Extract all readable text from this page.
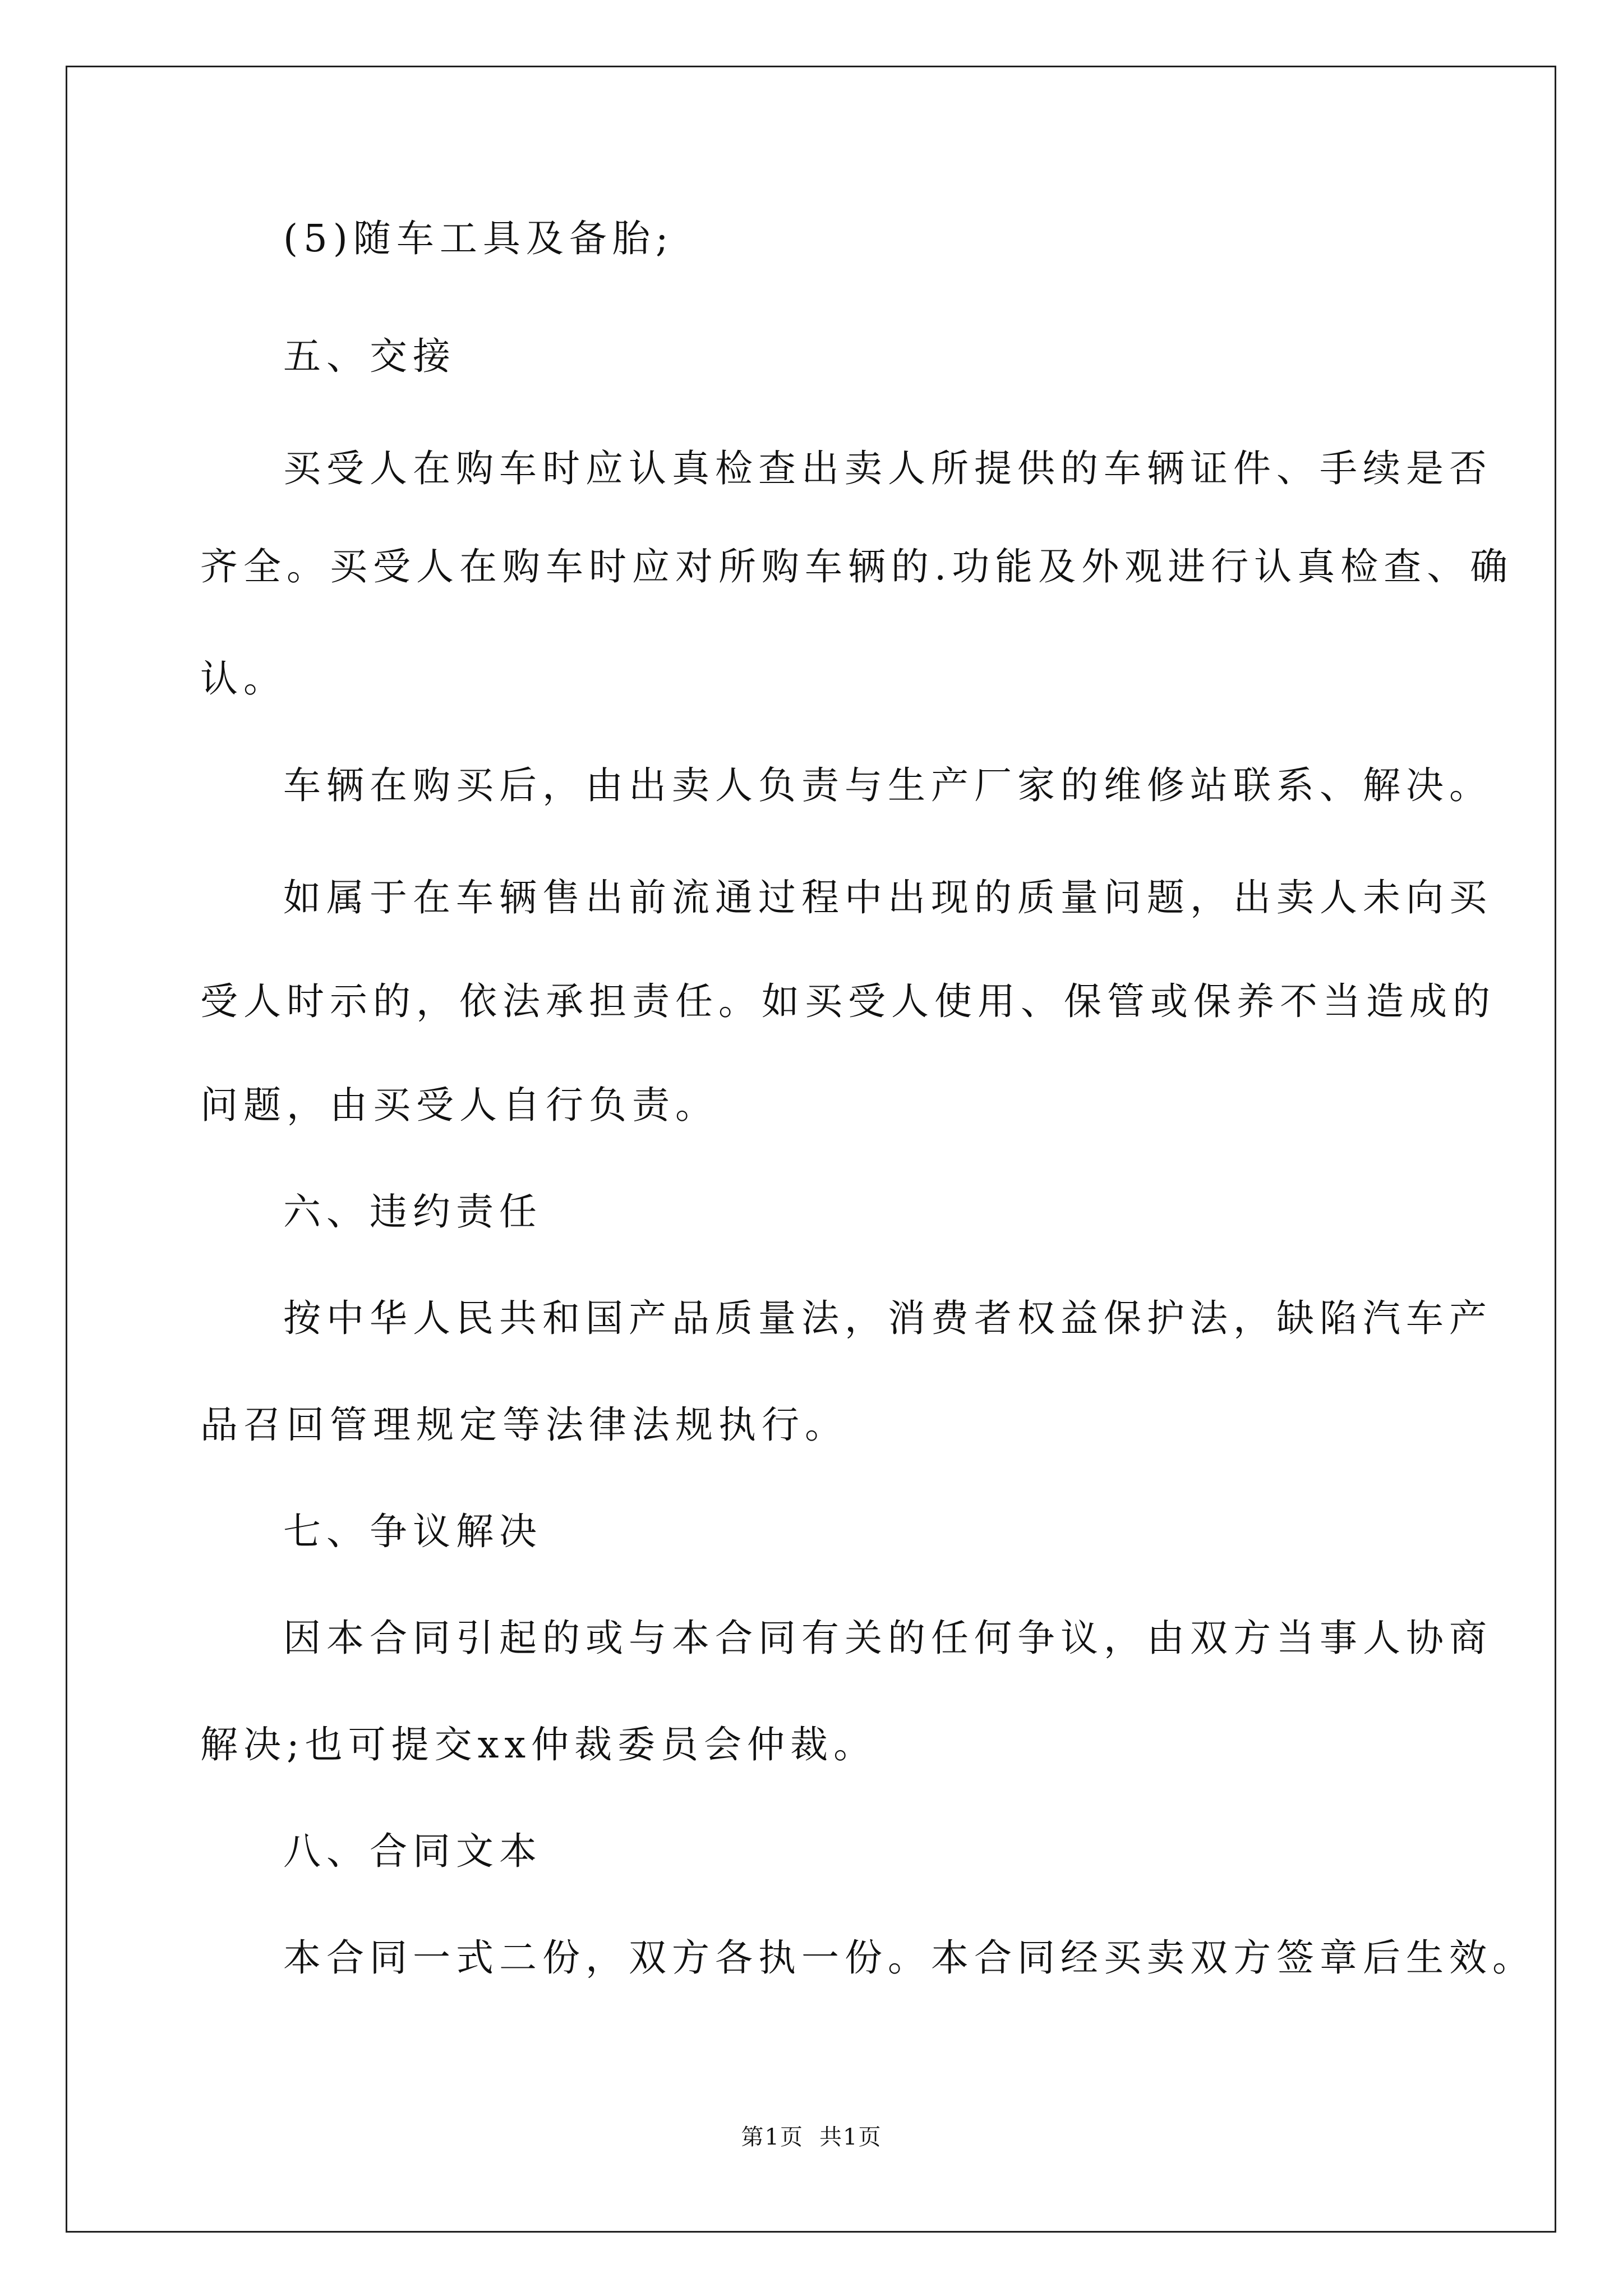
(5)随车工具及备胎;
五、交接
买受人在购车时应认真检查出卖人所提供的车辆证件、手续是否
齐全。买受人在购车时应对所购车辆的.功能及外观进行认真检查、确
认。
车辆在购买后，由出卖人负责与生产厂家的维修站联系、解决。
如属于在车辆售出前流通过程中出现的质量问题，出卖人未向买
受人时示的，依法承担责任。如买受人使用、保管或保养不当造成的
问题，由买受人自行负责。
六、违约责任
按中华人民共和国产品质量法，消费者权益保护法，缺陷汽车产
品召回管理规定等法律法规执行。
七、争议解决
因本合同引起的或与本合同有关的任何争议，由双方当事人协商
解决;也可提交xx仲裁委员会仲裁。
八、合同文本
本合同一式二份，双方各执一份。本合同经买卖双方签章后生效。
第1页 共1页
